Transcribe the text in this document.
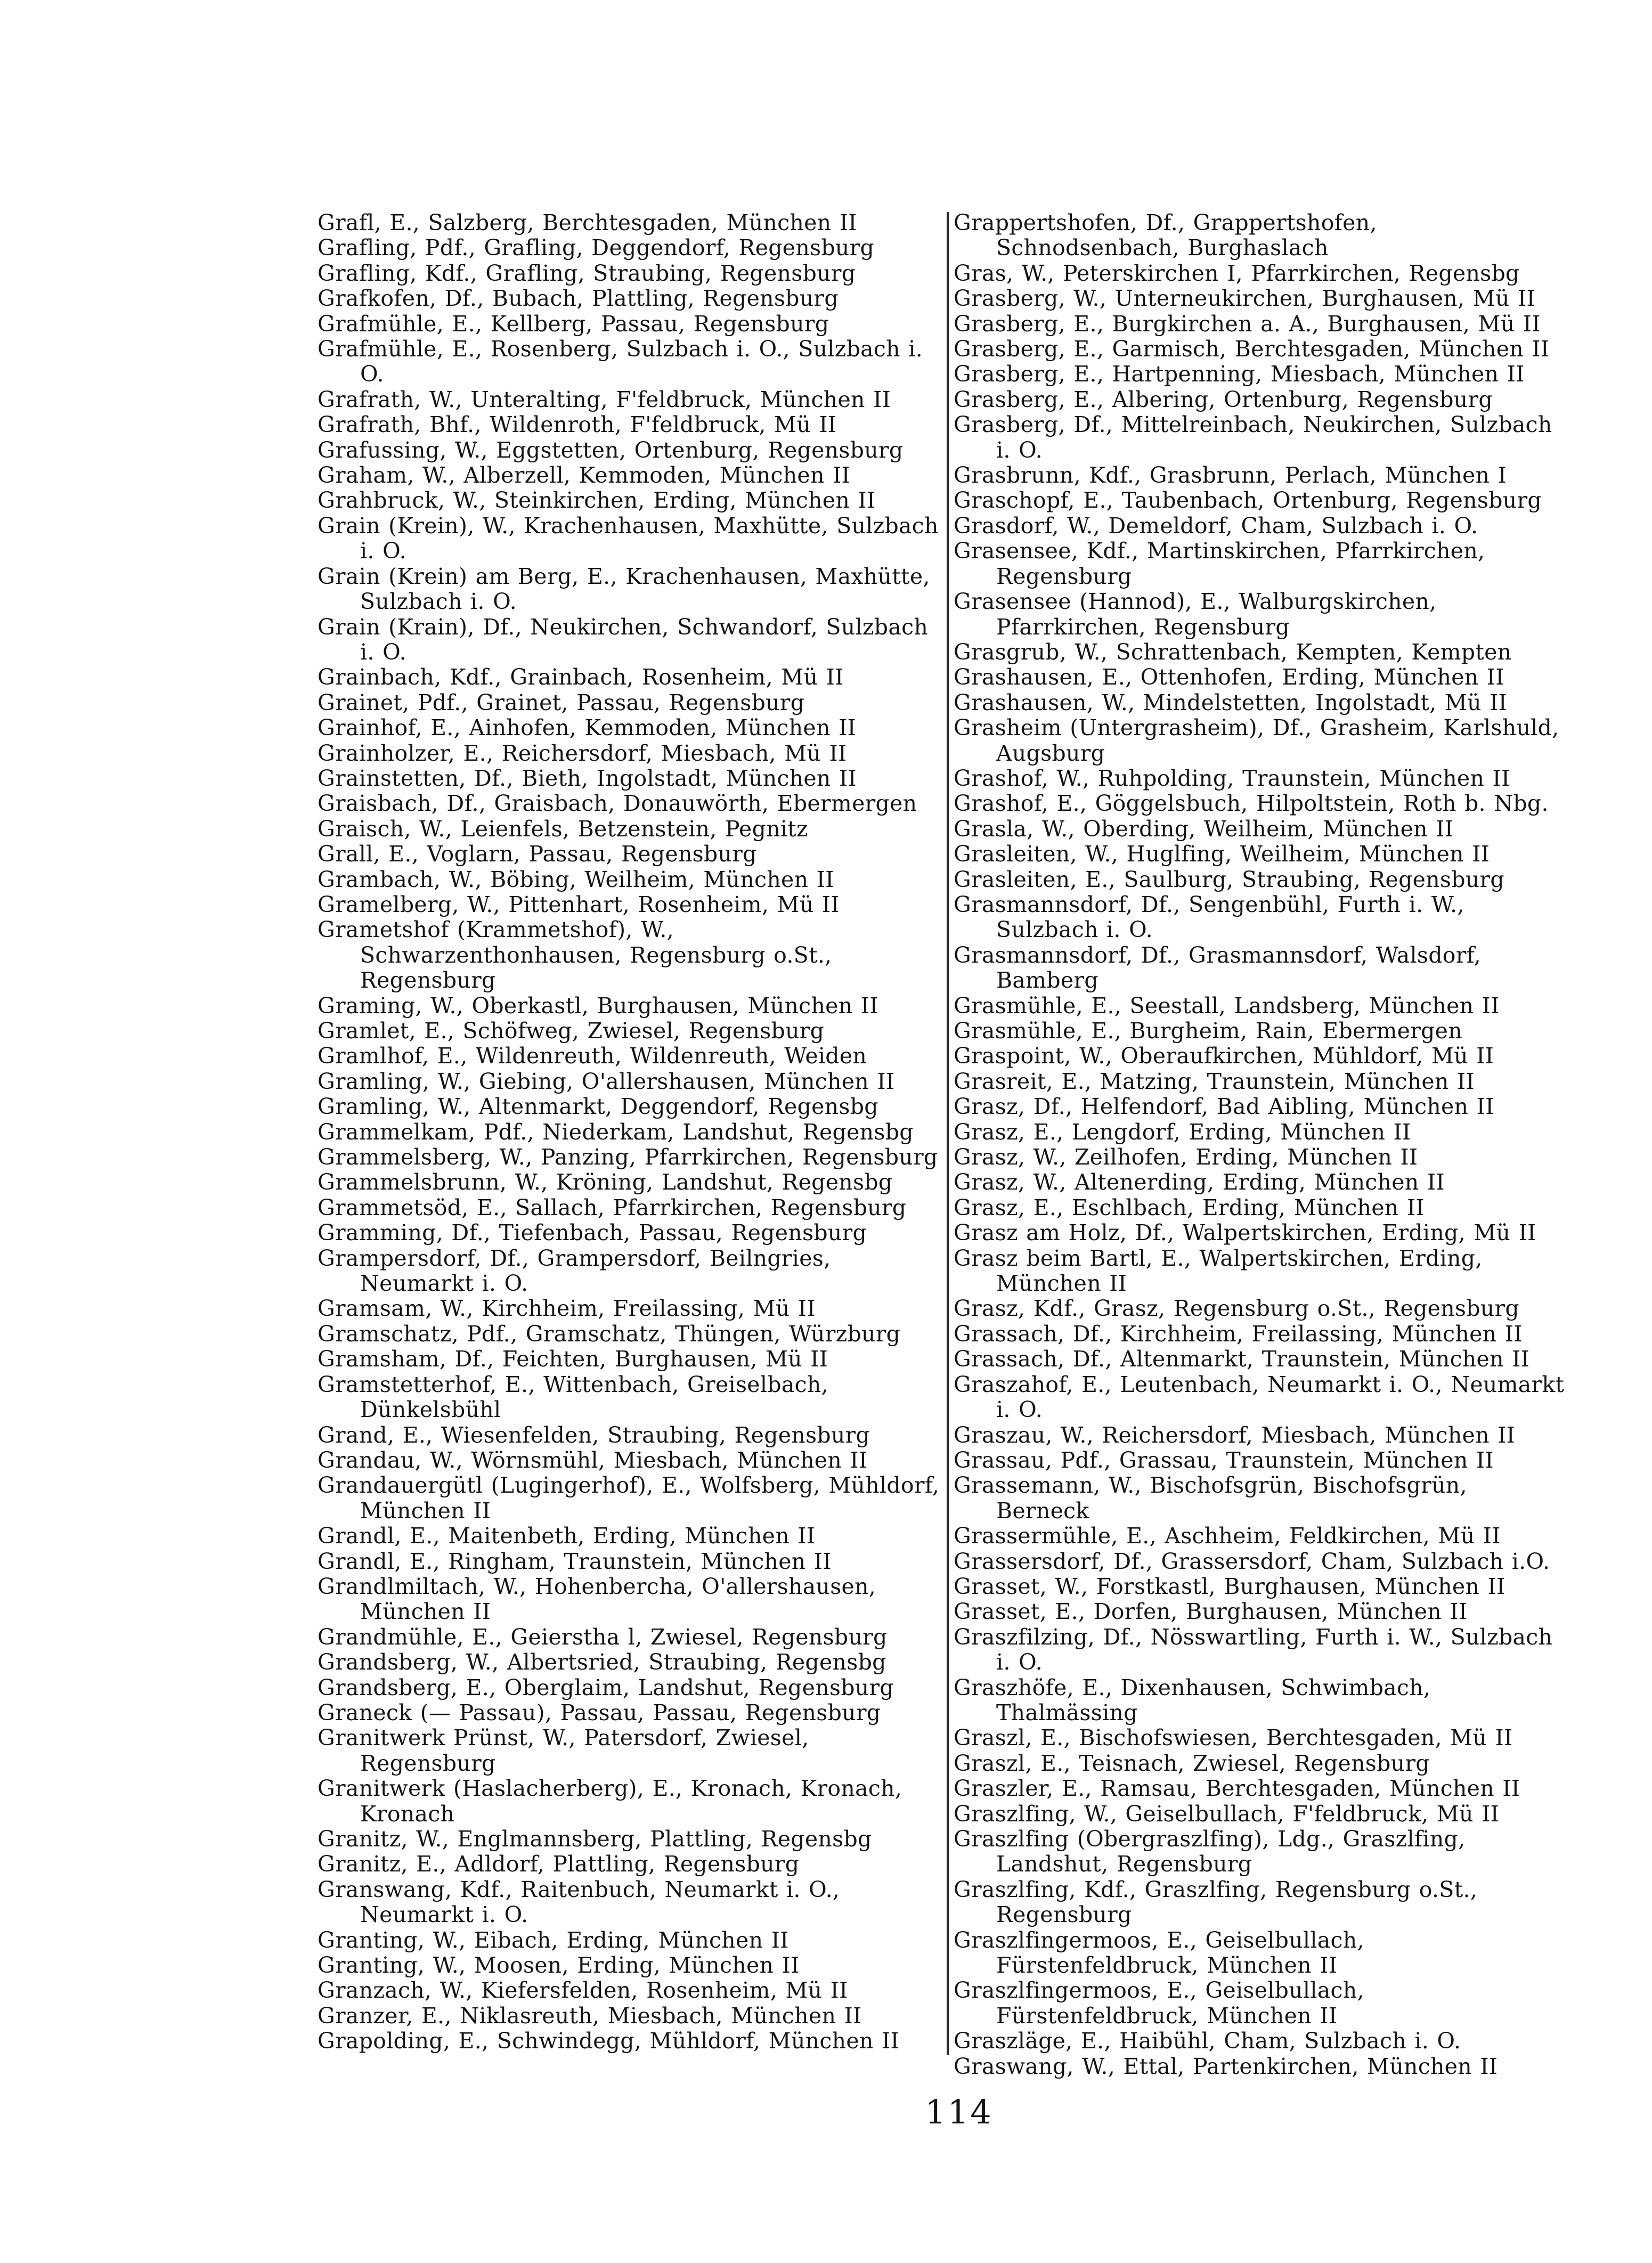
Grafl, E., Salzberg, Berchtesgaden, München II
Grafling, Pdf., Grafling, Deggendorf, Regensburg
Grafling, Kdf., Grafling, Straubing, Regensburg
Grafkofen, Df., Bubach, Plattling, Regensburg
Grafmühle, E., Kellberg, Passau, Regensburg
Grafmühle, E., Rosenberg, Sulzbach i. O., Sulzbach i. O.
Grafrath, W., Unteralting, F'feldbruck, München II
Grafrath, Bhf., Wildenroth, F'feldbruck, Mü II
Grafussing, W., Eggstetten, Ortenburg, Regensburg
Graham, W., Alberzell, Kemmoden, München II
Grahbruck, W., Steinkirchen, Erding, München II
Grain (Krein), W., Krachenhausen, Maxhütte, Sulzbach i. O.
Grain (Krein) am Berg, E., Krachenhausen, Maxhütte, Sulzbach i. O.
Grain (Krain), Df., Neukirchen, Schwandorf, Sulzbach i. O.
Grainbach, Kdf., Grainbach, Rosenheim, Mü II
Grainet, Pdf., Grainet, Passau, Regensburg
Grainhof, E., Ainhofen, Kemmoden, München II
Grainholzer, E., Reichersdorf, Miesbach, Mü II
Grainstetten, Df., Bieth, Ingolstadt, München II
Graisbach, Df., Graisbach, Donauwörth, Ebermergen
Graisch, W., Leienfels, Betzenstein, Pegnitz
Grall, E., Voglarn, Passau, Regensburg
Grambach, W., Böbing, Weilheim, München II
Gramelberg, W., Pittenhart, Rosenheim, Mü II
Grametshof (Krammetshof), W., Schwarzenthonhausen, Regensburg o.St., Regensburg
Graming, W., Oberkastl, Burghausen, München II
Gramlet, E., Schöfweg, Zwiesel, Regensburg
Gramlhof, E., Wildenreuth, Wildenreuth, Weiden
Gramling, W., Giebing, O'allershausen, München II
Gramling, W., Altenmarkt, Deggendorf, Regensbg
Grammelkam, Pdf., Niederkam, Landshut, Regensbg
Grammelsberg, W., Panzing, Pfarrkirchen, Regensburg
Grammelsbrunn, W., Kröning, Landshut, Regensbg
Grammetsöd, E., Sallach, Pfarrkirchen, Regensburg
Gramming, Df., Tiefenbach, Passau, Regensburg
Grampersdorf, Df., Grampersdorf, Beilngries, Neumarkt i. O.
Gramsam, W., Kirchheim, Freilassing, Mü II
Gramschatz, Pdf., Gramschatz, Thüngen, Würzburg
Gramsham, Df., Feichten, Burghausen, Mü II
Gramstetterhof, E., Wittenbach, Greiselbach, Dünkelsbühl
Grand, E., Wiesenfelden, Straubing, Regensburg
Grandau, W., Wörnsmühl, Miesbach, München II
Grandauergütl (Lugingerhof), E., Wolfsberg, Mühldorf, München II
Grandl, E., Maitenbeth, Erding, München II
Grandl, E., Ringham, Traunstein, München II
Grandlmiltach, W., Hohenbercha, O'allershausen, München II
Grandmühle, E., Geierstha l, Zwiesel, Regensburg
Grandsberg, W., Albertsried, Straubing, Regensbg
Grandsberg, E., Oberglaim, Landshut, Regensburg
Graneck (— Passau), Passau, Passau, Regensburg
Granitwerk Prünst, W., Patersdorf, Zwiesel, Regensburg
Granitwerk (Haslacherberg), E., Kronach, Kronach, Kronach
Granitz, W., Englmannsberg, Plattling, Regensbg
Granitz, E., Adldorf, Plattling, Regensburg
Granswang, Kdf., Raitenbuch, Neumarkt i. O., Neumarkt i. O.
Granting, W., Eibach, Erding, München II
Granting, W., Moosen, Erding, München II
Granzach, W., Kiefersfelden, Rosenheim, Mü II
Granzer, E., Niklasreuth, Miesbach, München II
Grapolding, E., Schwindegg, Mühldorf, München II
Grappertshofen, Df., Grappertshofen, Schnodsenbach, Burghaslach
Gras, W., Peterskirchen I, Pfarrkirchen, Regensbg
Grasberg, W., Unterneukirchen, Burghausen, Mü II
Grasberg, E., Burgkirchen a. A., Burghausen, Mü II
Grasberg, E., Garmisch, Berchtesgaden, München II
Grasberg, E., Hartpenning, Miesbach, München II
Grasberg, E., Albering, Ortenburg, Regensburg
Grasberg, Df., Mittelreinbach, Neukirchen, Sulzbach i. O.
Grasbrunn, Kdf., Grasbrunn, Perlach, München I
Graschopf, E., Taubenbach, Ortenburg, Regensburg
Grasdorf, W., Demeldorf, Cham, Sulzbach i. O.
Grasensee, Kdf., Martinskirchen, Pfarrkirchen, Regensburg
Grasensee (Hannod), E., Walburgskirchen, Pfarrkirchen, Regensburg
Grasgrub, W., Schrattenbach, Kempten, Kempten
Grashausen, E., Ottenhofen, Erding, München II
Grashausen, W., Mindelstetten, Ingolstadt, Mü II
Grasheim (Untergrasheim), Df., Grasheim, Karlshuld, Augsburg
Grashof, W., Ruhpolding, Traunstein, München II
Grashof, E., Göggelsbuch, Hilpoltstein, Roth b. Nbg.
Grasla, W., Oberding, Weilheim, München II
Grasleiten, W., Huglfing, Weilheim, München II
Grasleiten, E., Saulburg, Straubing, Regensburg
Grasmannsdorf, Df., Sengenbühl, Furth i. W., Sulzbach i. O.
Grasmannsdorf, Df., Grasmannsdorf, Walsdorf, Bamberg
Grasmühle, E., Seestall, Landsberg, München II
Grasmühle, E., Burgheim, Rain, Ebermergen
Graspoint, W., Oberaufkirchen, Mühldorf, Mü II
Grasreit, E., Matzing, Traunstein, München II
Grasz, Df., Helfendorf, Bad Aibling, München II
Grasz, E., Lengdorf, Erding, München II
Grasz, W., Zeilhofen, Erding, München II
Grasz, W., Altenerding, Erding, München II
Grasz, E., Eschlbach, Erding, München II
Grasz am Holz, Df., Walpertskirchen, Erding, Mü II
Grasz beim Bartl, E., Walpertskirchen, Erding, München II
Grasz, Kdf., Grasz, Regensburg o.St., Regensburg
Grassach, Df., Kirchheim, Freilassing, München II
Grassach, Df., Altenmarkt, Traunstein, München II
Graszahof, E., Leutenbach, Neumarkt i. O., Neumarkt i. O.
Graszau, W., Reichersdorf, Miesbach, München II
Grassau, Pdf., Grassau, Traunstein, München II
Grassemann, W., Bischofsgrün, Bischofsgrün, Berneck
Grassermühle, E., Aschheim, Feldkirchen, Mü II
Grassersdorf, Df., Grassersdorf, Cham, Sulzbach i.O.
Grasset, W., Forstkastl, Burghausen, München II
Grasset, E., Dorfen, Burghausen, München II
Graszfilzing, Df., Nösswartling, Furth i. W., Sulzbach i. O.
Graszhöfe, E., Dixenhausen, Schwimbach, Thalmässing
Graszl, E., Bischofswiesen, Berchtesgaden, Mü II
Graszl, E., Teisnach, Zwiesel, Regensburg
Graszler, E., Ramsau, Berchtesgaden, München II
Graszlfing, W., Geiselbullach, F'feldbruck, Mü II
Graszlfing (Obergraszlfing), Ldg., Graszlfing, Landshut, Regensburg
Graszlfing, Kdf., Graszlfing, Regensburg o.St., Regensburg
Graszlfingermoos, E., Geiselbullach, Fürstenfeldbruck, München II
Graszlfingermoos, E., Geiselbullach, Fürstenfeldbruck, München II
Graszläge, E., Haibühl, Cham, Sulzbach i. O.
Graswang, W., Ettal, Partenkirchen, München II
114
